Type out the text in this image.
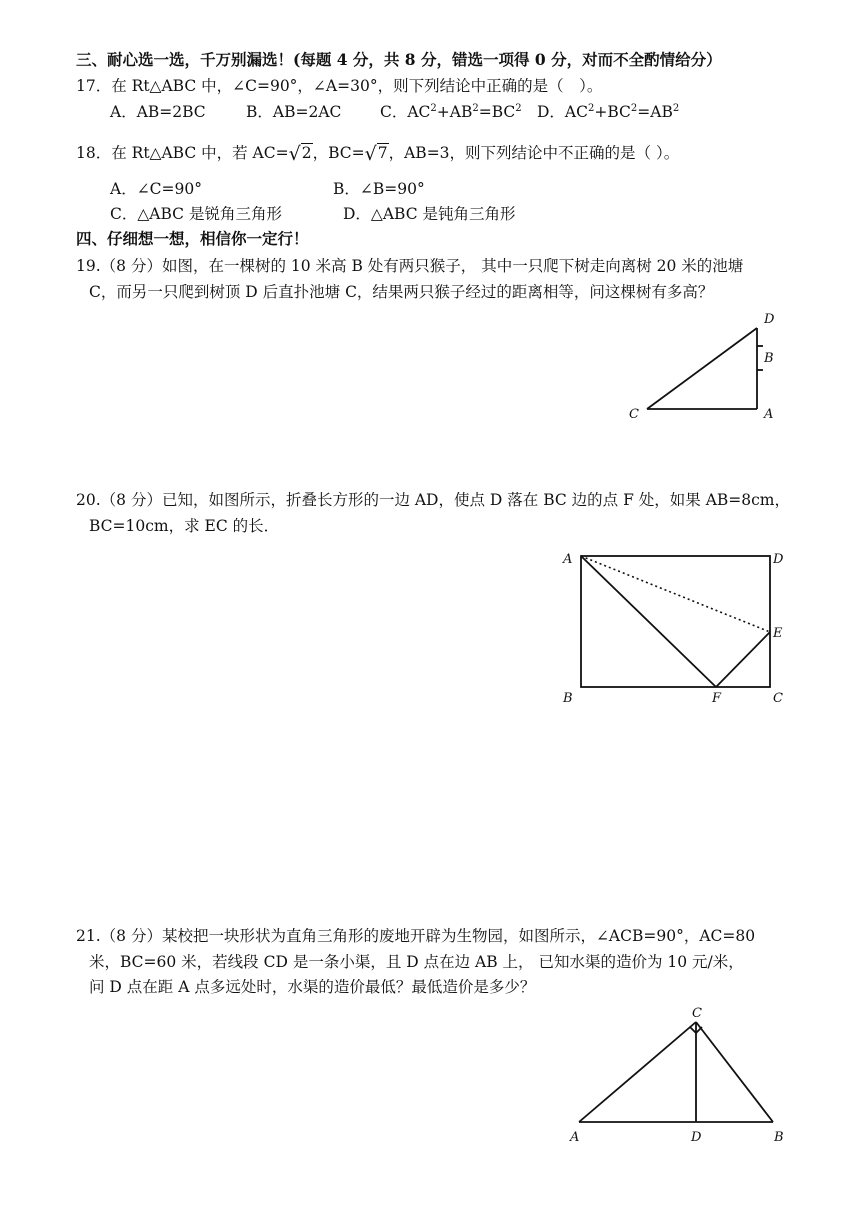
三、耐心选一选，千万别漏选！(每题 4 分，共 8 分，错选一项得 0 分，对而不全酌情给分）
17．在 Rt△ABC 中，∠C=90°，∠A=30°，则下列结论中正确的是（　）。
A．AB=2BC	B．AB=2AC C．$AC^2+AB^2=BC^2$ D．$AC^2+BC^2=AB^2$
18．在 Rt△ABC 中，若 AC=√2，BC=√7，AB=3，则下列结论中不正确的是（ ）。
A．∠C=90°	B．∠B=90°
C．△ABC 是锐角三角形	D．△ABC 是钝角三角形
四、仔细想一想，相信你一定行！
19.（8 分）如图，在一棵树的 10 米高 B 处有两只猴子， 其中一只爬下树走向离树 20 米的池塘
C，而另一只爬到树顶 D 后直扑池塘 C，结果两只猴子经过的距离相等，问这棵树有多高？
D
B
C	A
20.（8 分）已知，如图所示，折叠长方形的一边 AD，使点 D 落在 BC 边的点 F 处，如果 AB=8cm，
BC=10cm，求 EC 的长．
A	D
E
B	F	C
21.（8 分）某校把一块形状为直角三角形的废地开辟为生物园，如图所示，∠ACB=90°，AC=80
米，BC=60 米，若线段 CD 是一条小渠，且 D 点在边 AB 上， 已知水渠的造价为 10 元/米，
问 D 点在距 A 点多远处时，水渠的造价最低？最低造价是多少？
C
A	D	B
